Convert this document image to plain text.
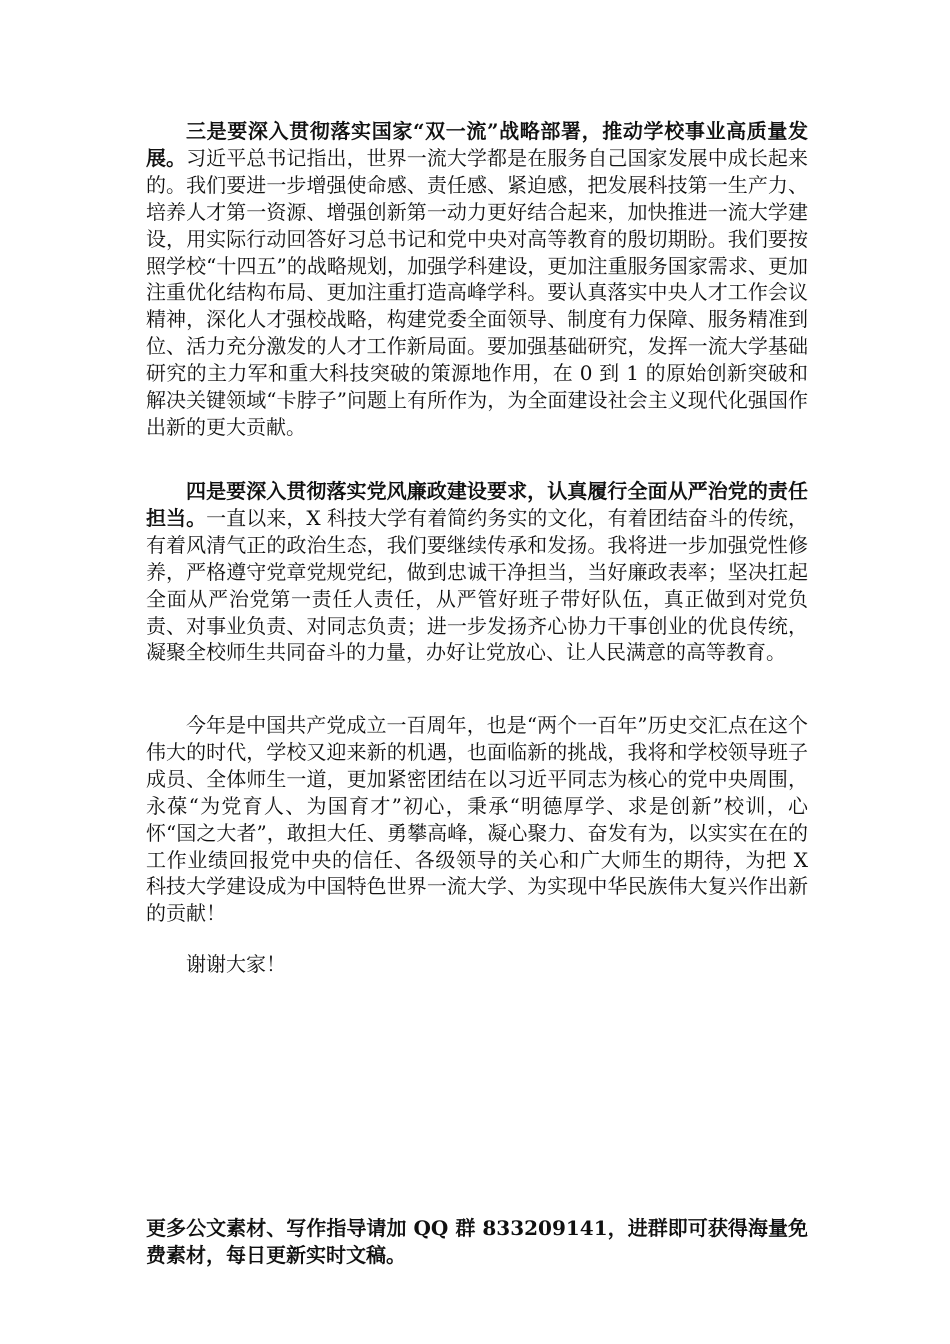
三是要深入贯彻落实国家“双一流”战略部署，推动学校事业高质量发展。习近平总书记指出，世界一流大学都是在服务自己国家发展中成长起来的。我们要进一步增强使命感、责任感、紧迫感，把发展科技第一生产力、培养人才第一资源、增强创新第一动力更好结合起来，加快推进一流大学建设，用实际行动回答好习总书记和党中央对高等教育的殷切期盼。我们要按照学校“十四五”的战略规划，加强学科建设，更加注重服务国家需求、更加注重优化结构布局、更加注重打造高峰学科。要认真落实中央人才工作会议精神，深化人才强校战略，构建党委全面领导、制度有力保障、服务精准到位、活力充分激发的人才工作新局面。要加强基础研究，发挥一流大学基础研究的主力军和重大科技突破的策源地作用，在 0 到 1 的原始创新突破和解决关键领域“卡脖子”问题上有所作为，为全面建设社会主义现代化强国作出新的更大贡献。

四是要深入贯彻落实党风廉政建设要求，认真履行全面从严治党的责任担当。一直以来，X 科技大学有着简约务实的文化，有着团结奋斗的传统，有着风清气正的政治生态，我们要继续传承和发扬。我将进一步加强党性修养，严格遵守党章党规党纪，做到忠诚干净担当，当好廉政表率；坚决扛起全面从严治党第一责任人责任，从严管好班子带好队伍，真正做到对党负责、对事业负责、对同志负责；进一步发扬齐心协力干事创业的优良传统，凝聚全校师生共同奋斗的力量，办好让党放心、让人民满意的高等教育。

今年是中国共产党成立一百周年，也是“两个一百年”历史交汇点在这个伟大的时代，学校又迎来新的机遇，也面临新的挑战，我将和学校领导班子成员、全体师生一道，更加紧密团结在以习近平同志为核心的党中央周围，永葆“为党育人、为国育才”初心，秉承“明德厚学、求是创新”校训，心怀“国之大者”，敢担大任、勇攀高峰，凝心聚力、奋发有为，以实实在在的工作业绩回报党中央的信任、各级领导的关心和广大师生的期待，为把 X 科技大学建设成为中国特色世界一流大学、为实现中华民族伟大复兴作出新的贡献！

谢谢大家！

更多公文素材、写作指导请加 QQ 群 833209141，进群即可获得海量免费素材，每日更新实时文稿。
